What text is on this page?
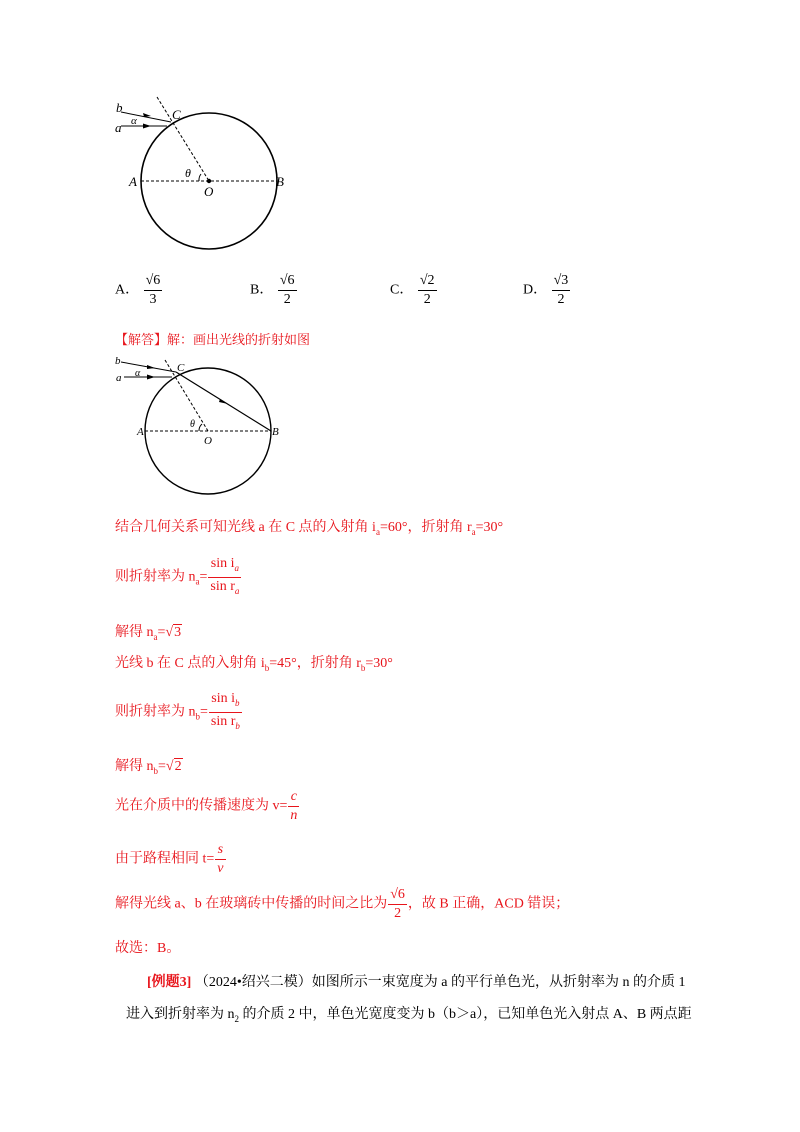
b
a
C
α
A	B
O
θ
A． $\frac{√6}{3}$	B． $\frac{√6}{2}$	C． $\frac{√2}{2}$	D． $\frac{√3}{2}$
【解答】解：画出光线的折射如图
b
a
C
α
A	B
O
θ
结合几何关系可知光线 a 在 C 点的入射角 $i_a=60^\circ$，折射角 $r_a=30^\circ$
则折射率为 $n_a= \frac{\sin i_a}{\sin r_a}$
解得 $n_a=√3$
光线 b 在 C 点的入射角 $i_b=45^\circ$，折射角 $r_b=30^\circ$
则折射率为 $n_b= \frac{\sin i_b}{\sin r_b}$
解得 $n_b=√2$
光在介质中的传播速度为 $v= \frac{c}{n}$
由于路程相同 $t= \frac{s}{v}$
解得光线 a、b 在玻璃砖中传播的时间之比为 $\frac{√6}{2}$ ，故 B 正确，ACD 错误；
故选：B。
[例题3] （2024•绍兴二模）如图所示一束宽度为 a 的平行单色光，从折射率为 n 的介质 1
进入到折射率为 $n_2$ 的介质 2 中，单色光宽度变为 b（b＞a），已知单色光入射点 A、B 两点距
